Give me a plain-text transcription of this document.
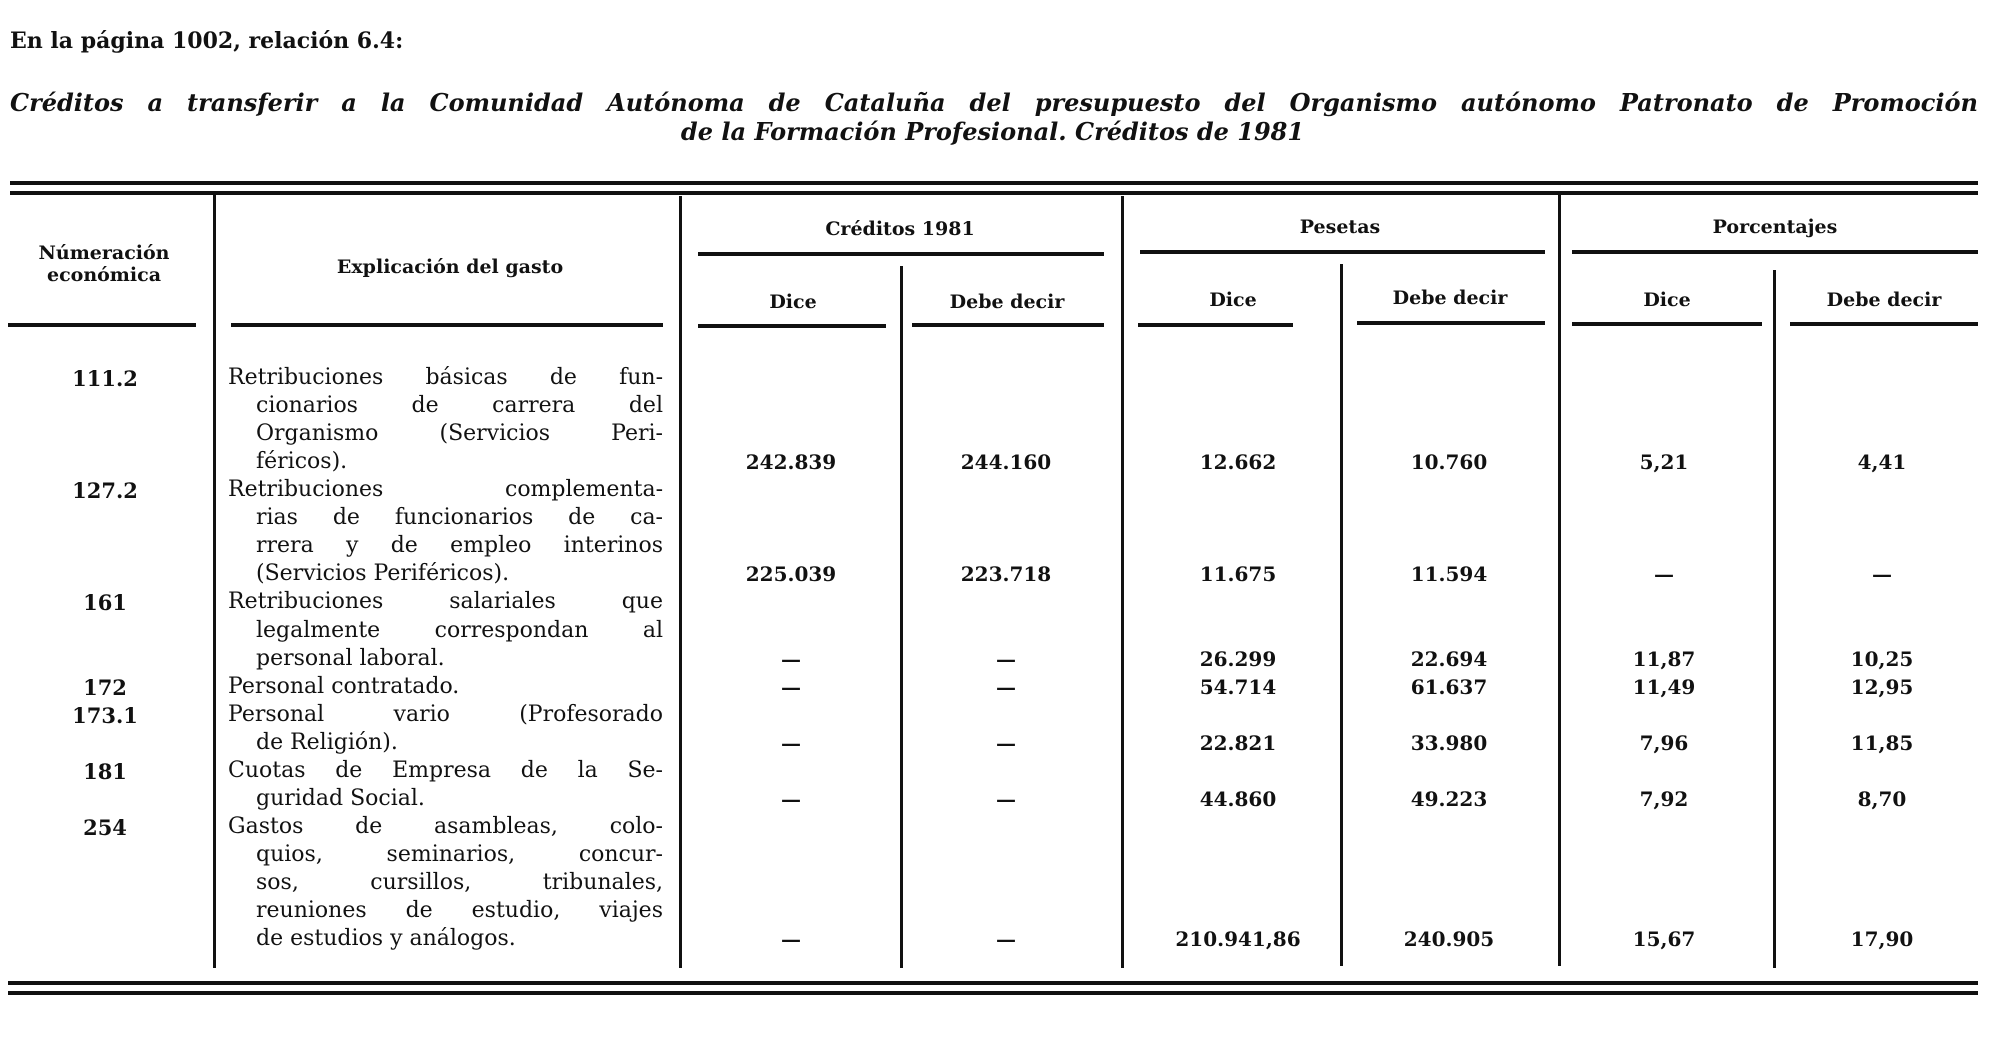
En la página 1002, relación 6.4:
Créditos a transferir a la Comunidad Autónoma de Cataluña del presupuesto del Organismo autónomo Patronato de Promoción
de la Formación Profesional. Créditos de 1981
Númeración económica	Explicación del gasto
Créditos 1981	Pesetas	Porcentajes
Dice	Debe decir	Dice	Debe decir	Dice	Debe decir
111.2	Retribuciones básicas de fun-
cionarios de carrera del
Organismo (Servicios Peri-
féricos).	242.839	244.160	12.662	10.760	5,21	4,41
127.2	Retribuciones complementa-
rias de funcionarios de ca-
rrera y de empleo interinos
(Servicios Periféricos).	225.039	223.718	11.675	11.594	—	—
161	Retribuciones salariales que
legalmente correspondan al
personal laboral.	—	—	26.299	22.694	11,87	10,25
172	Personal contratado.	—	—	54.714	61.637	11,49	12,95
173.1	Personal vario (Profesorado
de Religión).	—	—	22.821	33.980	7,96	11,85
181	Cuotas de Empresa de la Se-
guridad Social.	—	—	44.860	49.223	7,92	8,70
254	Gastos de asambleas, colo-
quios, seminarios, concur-
sos, cursillos, tribunales,
reuniones de estudio, viajes
de estudios y análogos.	—	—	210.941,86	240.905	15,67	17,90
